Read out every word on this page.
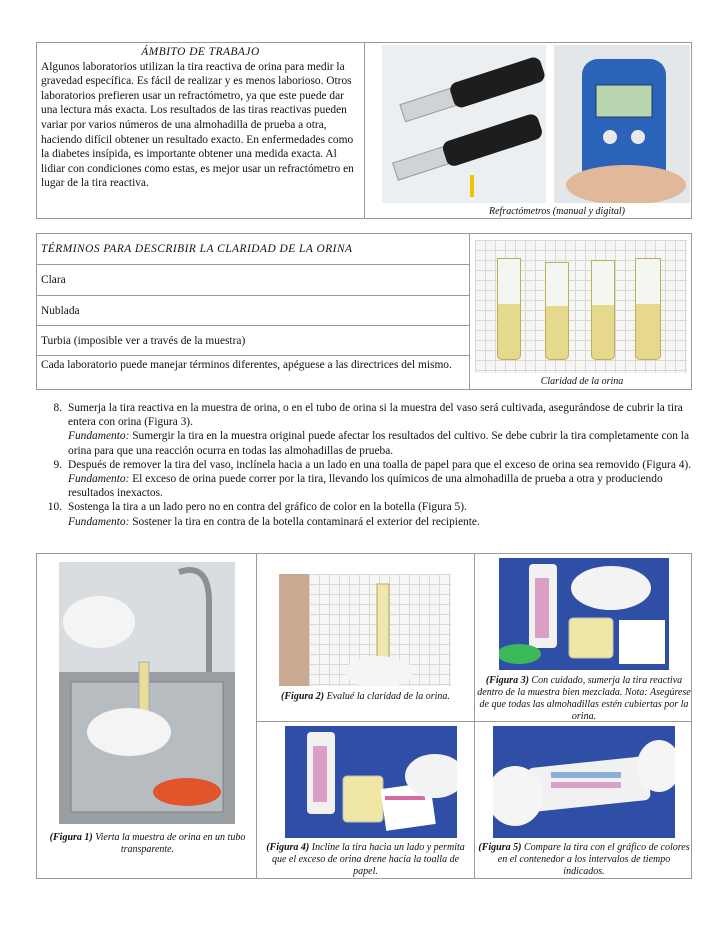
ÁMBITO DE TRABAJO

Algunos laboratorios utilizan la tira reactiva de orina para medir la gravedad específica. Es fácil de realizar y es menos laborioso. Otros laboratorios prefieren usar un refractómetro, ya que este puede dar una lectura más exacta. Los resultados de las tiras reactivas pueden variar por varios números de una almohadilla de prueba a otra, haciendo difícil obtener un resultado exacto. En enfermedades como la diabetes insípida, es importante obtener una medida exacta. Al lidiar con condiciones como estas, es mejor usar un refractómetro en lugar de la tira reactiva.

Refractómetros (manual y digital)

TÉRMINOS PARA DESCRIBIR LA CLARIDAD DE LA ORINA
Clara
Nublada
Turbia (imposible ver a través de la muestra)
Cada laboratorio puede manejar términos diferentes, apéguese a las directrices del mismo.

Claridad de la orina

8. Sumerja la tira reactiva en la muestra de orina, o en el tubo de orina si la muestra del vaso será cultivada, asegurándose de cubrir la tira entera con orina (Figura 3).
Fundamento: Sumergir la tira en la muestra original puede afectar los resultados del cultivo. Se debe cubrir la tira completamente con la orina para que una reacción ocurra en todas las almohadillas de prueba.
9. Después de remover la tira del vaso, inclínela hacia a un lado en una toalla de papel para que el exceso de orina sea removido (Figura 4).
Fundamento: El exceso de orina puede correr por la tira, llevando los químicos de una almohadilla de prueba a otra y produciendo resultados inexactos.
10. Sostenga la tira a un lado pero no en contra del gráfico de color en la botella (Figura 5).
Fundamento: Sostener la tira en contra de la botella contaminará el exterior del recipiente.

(Figura 1) Vierta la muestra de orina en un tubo transparente.

(Figura 2) Evalué la claridad de la orina.

(Figura 3) Con cuidado, sumerja la tira reactiva dentro de la muestra bien mezclada. Nota: Asegúrese de que todas las almohadillas estén cubiertas por la orina.

(Figura 4) Incline la tira hacia un lado y permita que el exceso de orina drene hacia la toalla de papel.

(Figura 5) Compare la tira con el gráfico de colores en el contenedor a los intervalos de tiempo indicados.
